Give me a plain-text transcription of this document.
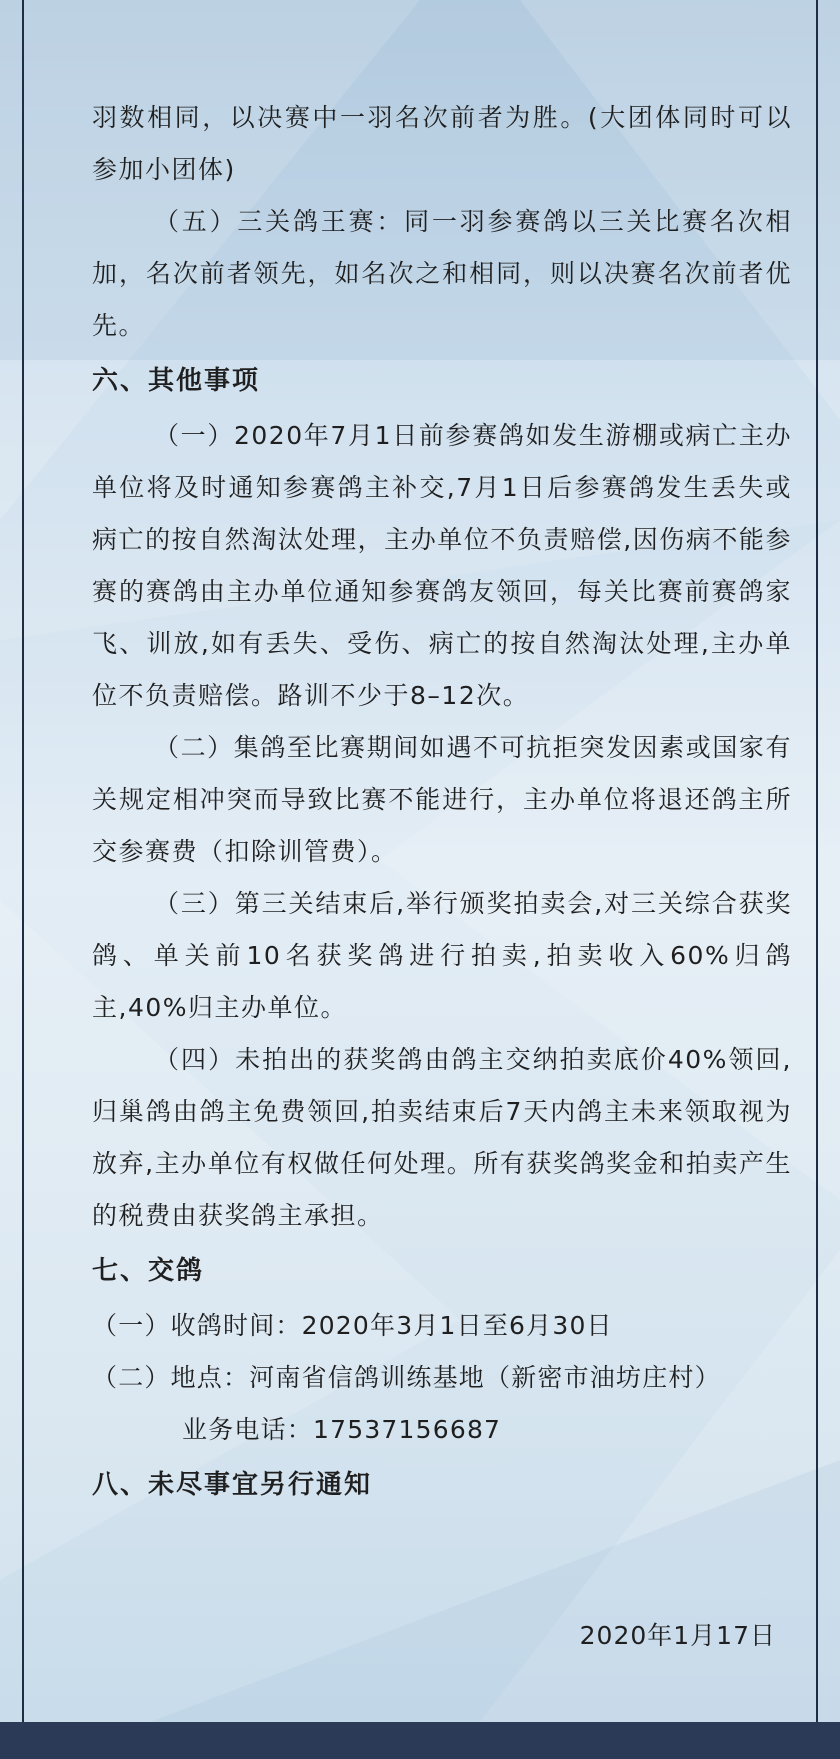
羽数相同，以决赛中一羽名次前者为胜。(大团体同时可以参加小团体)

（五）三关鸽王赛：同一羽参赛鸽以三关比赛名次相加，名次前者领先，如名次之和相同，则以决赛名次前者优先。

六、其他事项

（一）2020年7月1日前参赛鸽如发生游棚或病亡主办单位将及时通知参赛鸽主补交,7月1日后参赛鸽发生丢失或病亡的按自然淘汰处理，主办单位不负责赔偿,因伤病不能参赛的赛鸽由主办单位通知参赛鸽友领回，每关比赛前赛鸽家飞、训放,如有丢失、受伤、病亡的按自然淘汰处理,主办单位不负责赔偿。路训不少于8–12次。

（二）集鸽至比赛期间如遇不可抗拒突发因素或国家有关规定相冲突而导致比赛不能进行，主办单位将退还鸽主所交参赛费（扣除训管费）。

（三）第三关结束后,举行颁奖拍卖会,对三关综合获奖鸽、单关前10名获奖鸽进行拍卖,拍卖收入60%归鸽主,40%归主办单位。

（四）未拍出的获奖鸽由鸽主交纳拍卖底价40%领回,归巢鸽由鸽主免费领回,拍卖结束后7天内鸽主未来领取视为放弃,主办单位有权做任何处理。所有获奖鸽奖金和拍卖产生的税费由获奖鸽主承担。

七、交鸽

（一）收鸽时间：2020年3月1日至6月30日

（二）地点：河南省信鸽训练基地（新密市油坊庄村）

业务电话：17537156687

八、未尽事宜另行通知

2020年1月17日
